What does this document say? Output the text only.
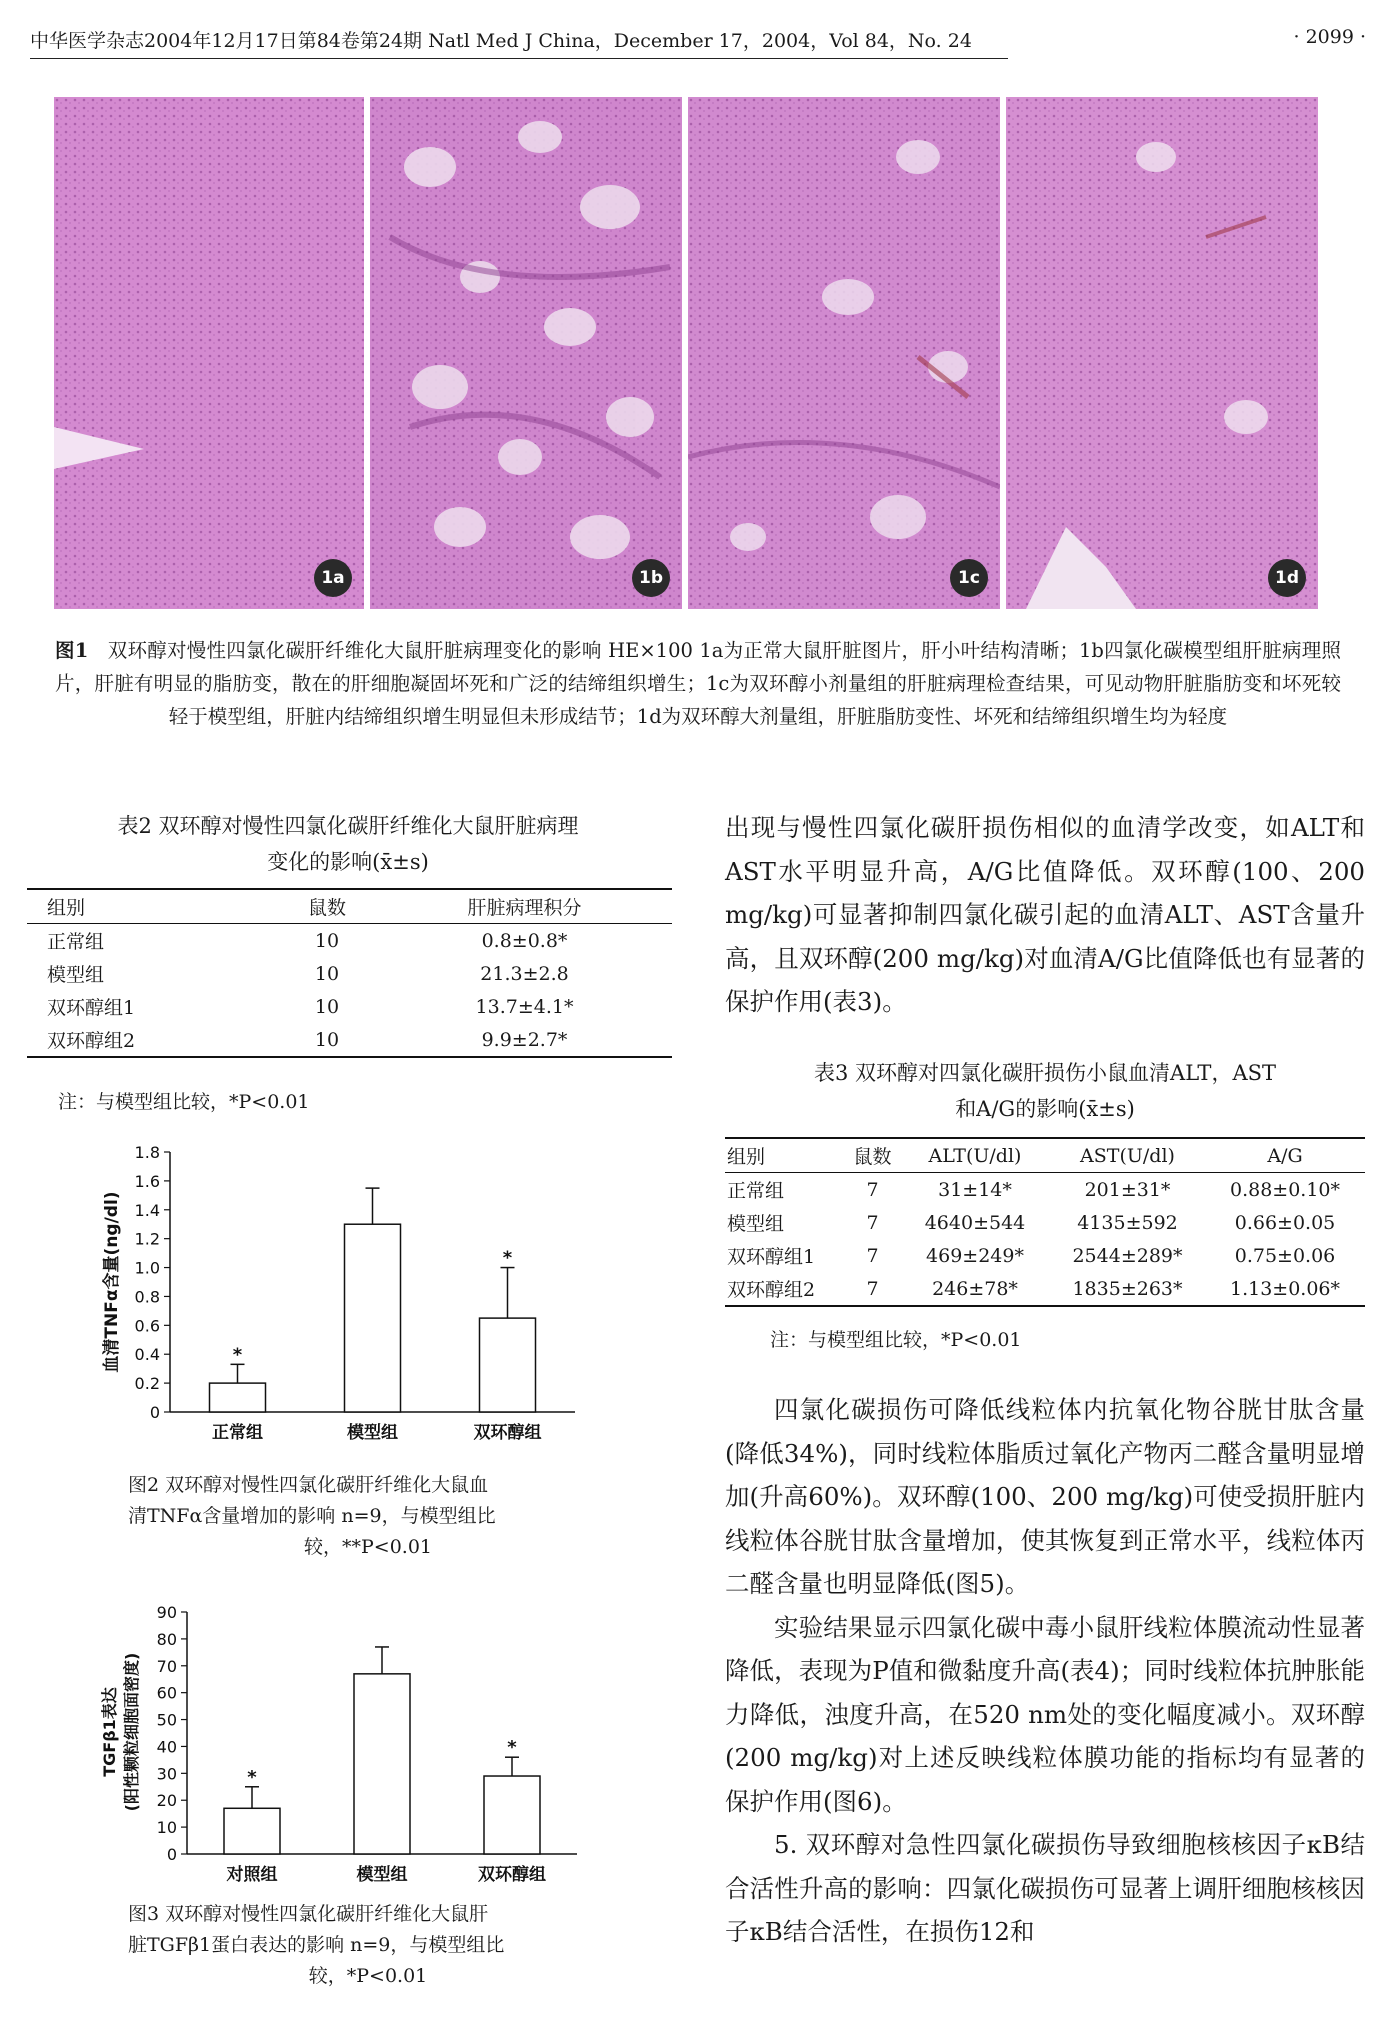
中华医学杂志2004年12月17日第84卷第24期 Natl Med J China，December 17，2004，Vol 84，No. 24	· 2099 ·
1a	1b	1c	1d
图1 双环醇对慢性四氯化碳肝纤维化大鼠肝脏病理变化的影响 HE×100 1a为正常大鼠肝脏图片，肝小叶结构清晰；1b四氯化碳模型组肝脏病理照片，肝脏有明显的脂肪变，散在的肝细胞凝固坏死和广泛的结缔组织增生；1c为双环醇小剂量组的肝脏病理检查结果，可见动物肝脏脂肪变和坏死较轻于模型组，肝脏内结缔组织增生明显但未形成结节；1d为双环醇大剂量组，肝脏脂肪变性、坏死和结缔组织增生均为轻度
表2 双环醇对慢性四氯化碳肝纤维化大鼠肝脏病理
变化的影响(x̄±s)
组别	鼠数	肝脏病理积分
正常组	10	0.8±0.8*
模型组	10	21.3±2.8
双环醇组1	10	13.7±4.1*
双环醇组2	10	9.9±2.7*
注：与模型组比较，*P<0.01
0
0.2
0.4
0.6
0.8
1.0
1.2
1.4
1.6
1.8
*
正常组	模型组
*
双环醇组
血清TNFα含量(ng/dl)
图2 双环醇对慢性四氯化碳肝纤维化大鼠血
清TNFα含量增加的影响 n=9，与模型组比
较，**P<0.01
0
10
20
30
40
50
60
70
80
90
*
对照组	模型组
*
双环醇组
TGFβ1表达 (阳性颗粒细胞面密度)
图3 双环醇对慢性四氯化碳肝纤维化大鼠肝
脏TGFβ1蛋白表达的影响 n=9，与模型组比
较，*P<0.01

出现与慢性四氯化碳肝损伤相似的血清学改变，如ALT和AST水平明显升高，A/G比值降低。双环醇(100、200 mg/kg)可显著抑制四氯化碳引起的血清ALT、AST含量升高，且双环醇(200 mg/kg)对血清A/G比值降低也有显著的保护作用(表3)。

表3 双环醇对四氯化碳肝损伤小鼠血清ALT，AST
和A/G的影响(x̄±s)
组别	鼠数	ALT(U/dl)	AST(U/dl)	A/G
正常组	7	31±14*	201±31*	0.88±0.10*
模型组	7	4640±544	4135±592	0.66±0.05
双环醇组1	7	469±249*	2544±289*	0.75±0.06
双环醇组2	7	246±78*	1835±263*	1.13±0.06*
注：与模型组比较，*P<0.01

四氯化碳损伤可降低线粒体内抗氧化物谷胱甘肽含量(降低34%)，同时线粒体脂质过氧化产物丙二醛含量明显增加(升高60%)。双环醇(100、200 mg/kg)可使受损肝脏内线粒体谷胱甘肽含量增加，使其恢复到正常水平，线粒体丙二醛含量也明显降低(图5)。

实验结果显示四氯化碳中毒小鼠肝线粒体膜流动性显著降低，表现为P值和微黏度升高(表4)；同时线粒体抗肿胀能力降低，浊度升高，在520 nm处的变化幅度减小。双环醇(200 mg/kg)对上述反映线粒体膜功能的指标均有显著的保护作用(图6)。

5. 双环醇对急性四氯化碳损伤导致细胞核核因子κB结合活性升高的影响：四氯化碳损伤可显著上调肝细胞核核因子κB结合活性，在损伤12和
